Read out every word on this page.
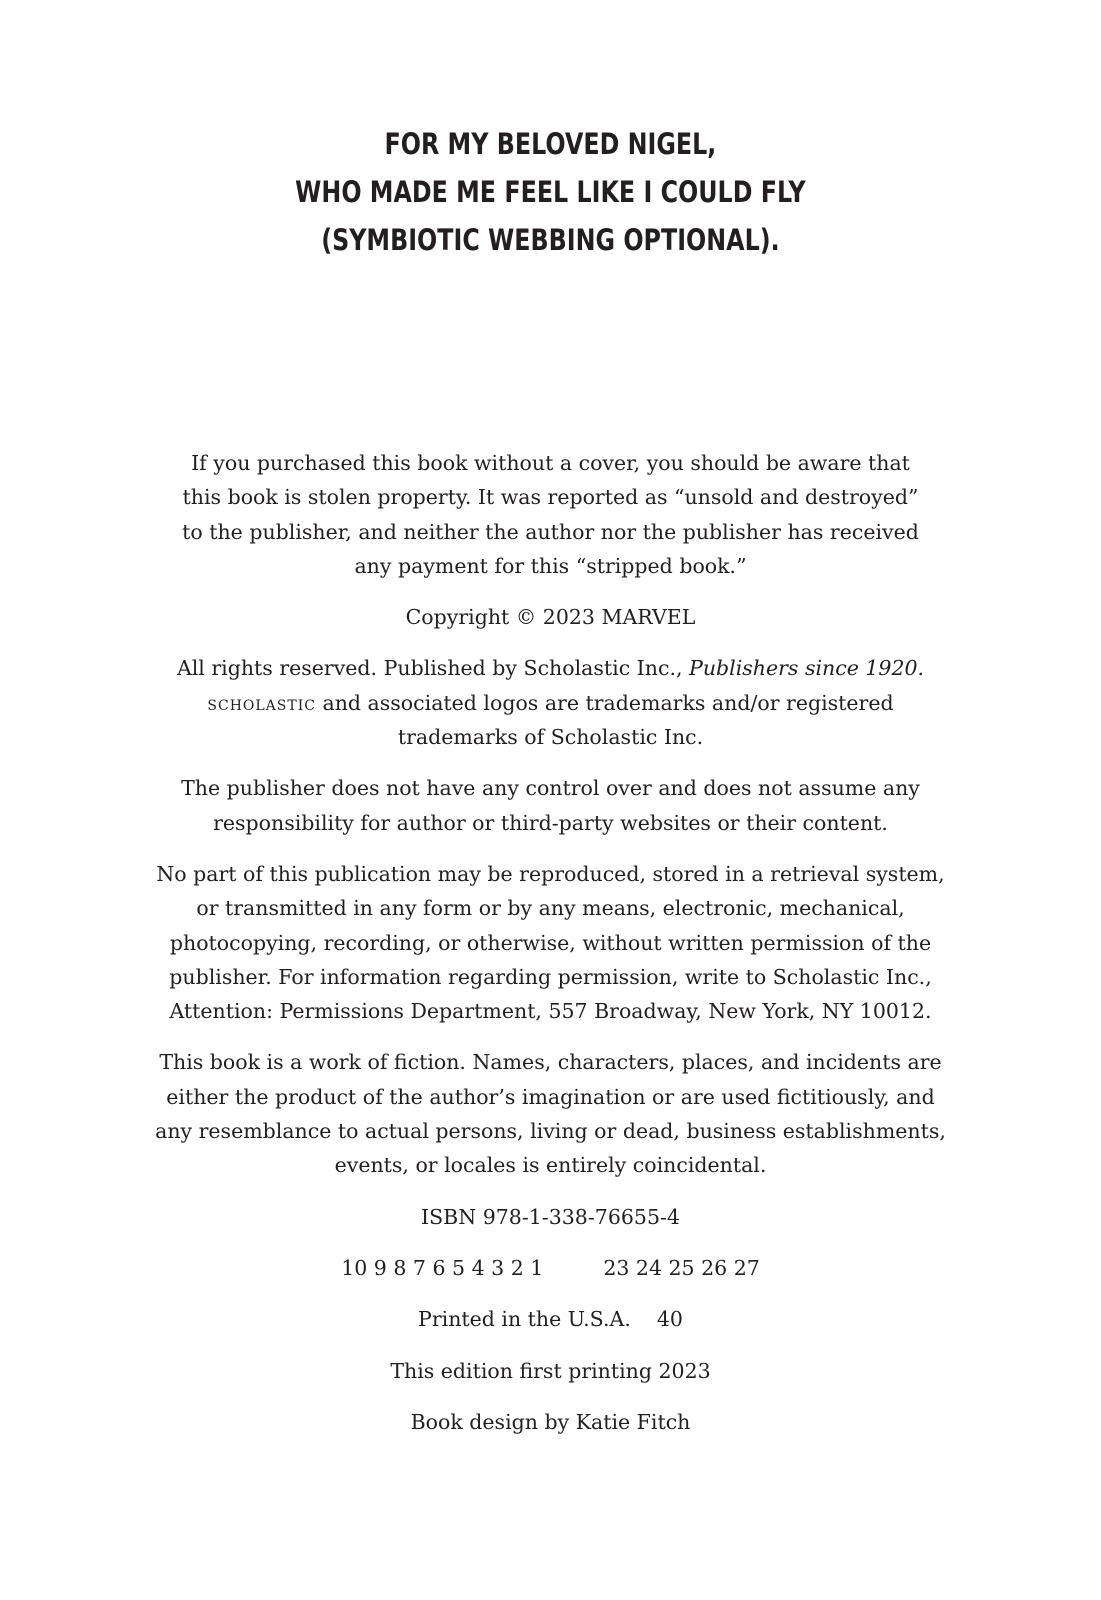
FOR MY BELOVED NIGEL,
WHO MADE ME FEEL LIKE I COULD FLY
(SYMBIOTIC WEBBING OPTIONAL).

If you purchased this book without a cover, you should be aware that
this book is stolen property. It was reported as “unsold and destroyed”
to the publisher, and neither the author nor the publisher has received
any payment for this “stripped book.”

Copyright © 2023 MARVEL

All rights reserved. Published by Scholastic Inc., Publishers since 1920.
scholastic and associated logos are trademarks and/or registered
trademarks of Scholastic Inc.

The publisher does not have any control over and does not assume any
responsibility for author or third-party websites or their content.

No part of this publication may be reproduced, stored in a retrieval system,
or transmitted in any form or by any means, electronic, mechanical,
photocopying, recording, or otherwise, without written permission of the
publisher. For information regarding permission, write to Scholastic Inc.,
Attention: Permissions Department, 557 Broadway, New York, NY 10012.

This book is a work of fiction. Names, characters, places, and incidents are
either the product of the author’s imagination or are used fictitiously, and
any resemblance to actual persons, living or dead, business establishments,
events, or locales is entirely coincidental.

ISBN 978-1-338-76655-4

10 9 8 7 6 5 4 3 2 1	23 24 25 26 27

Printed in the U.S.A. 40

This edition first printing 2023

Book design by Katie Fitch
